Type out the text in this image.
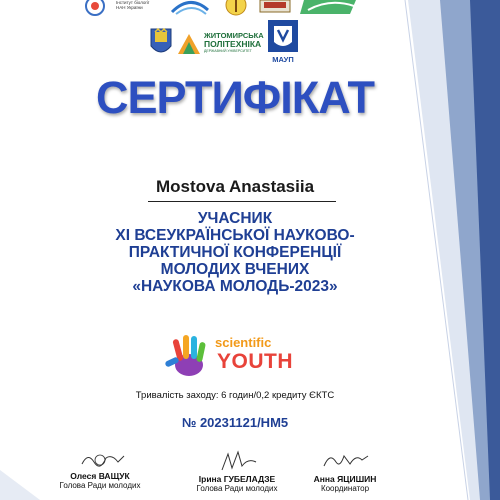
Інститут біології
НАН України
ЖИТОМИРСЬКА
ПОЛІТЕХНІКА
ДЕРЖАВНИЙ УНІВЕРСИТЕТ
МАУП
СЕРТИФІКАТ
Mostova Anastasiia
УЧАСНИК
XI ВСЕУКРАЇНСЬКОЇ НАУКОВО-
ПРАКТИЧНОЇ КОНФЕРЕНЦІЇ
МОЛОДИХ ВЧЕНИХ
«НАУКОВА МОЛОДЬ-2023»
scientific
YOUTH
Тривалість заходу: 6 годин/0,2 кредиту ЄКТС
№ 20231121/НМ5
Олеся ВАЩУК
Голова Ради молодих
Ірина ГУБЕЛАДЗЕ
Голова Ради молодих
Анна ЯЦИШИН
Координатор
